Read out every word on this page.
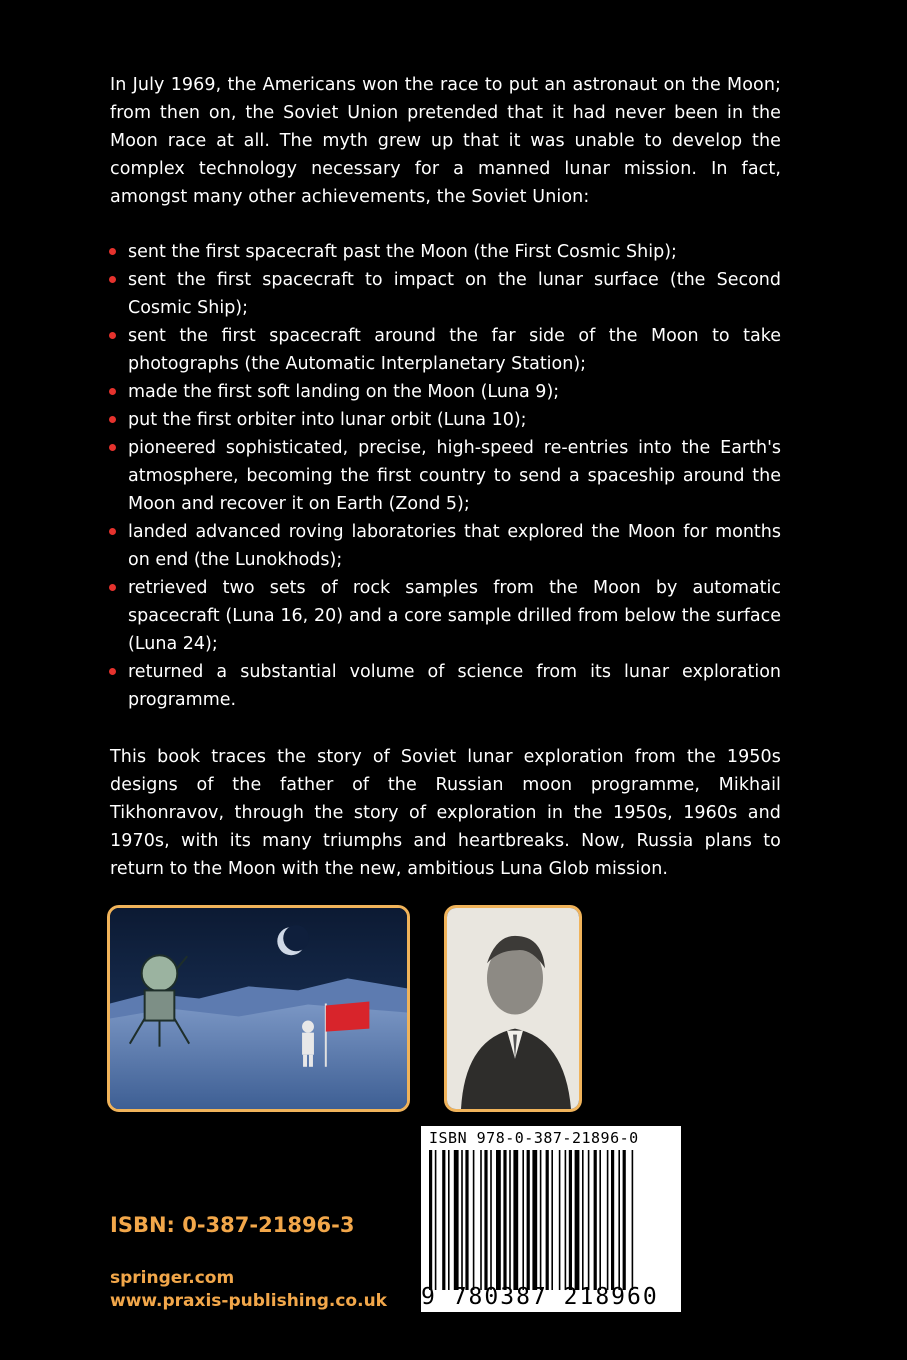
In July 1969, the Americans won the race to put an astronaut on the Moon; from then on, the Soviet Union pretended that it had never been in the Moon race at all. The myth grew up that it was unable to develop the complex technology necessary for a manned lunar mission. In fact, amongst many other achievements, the Soviet Union:
sent the first spacecraft past the Moon (the First Cosmic Ship);
sent the first spacecraft to impact on the lunar surface (the Second Cosmic Ship);
sent the first spacecraft around the far side of the Moon to take photographs (the Automatic Interplanetary Station);
made the first soft landing on the Moon (Luna 9);
put the first orbiter into lunar orbit (Luna 10);
pioneered sophisticated, precise, high-speed re-entries into the Earth's atmosphere, becoming the first country to send a spaceship around the Moon and recover it on Earth (Zond 5);
landed advanced roving laboratories that explored the Moon for months on end (the Lunokhods);
retrieved two sets of rock samples from the Moon by automatic spacecraft (Luna 16, 20) and a core sample drilled from below the surface (Luna 24);
returned a substantial volume of science from its lunar exploration programme.
This book traces the story of Soviet lunar exploration from the 1950s designs of the father of the Russian moon programme, Mikhail Tikhonravov, through the story of exploration in the 1950s, 1960s and 1970s, with its many triumphs and heartbreaks. Now, Russia plans to return to the Moon with the new, ambitious Luna Glob mission.
ISBN: 0-387-21896-3
springer.com
www.praxis-publishing.co.uk
ISBN 978-0-387-21896-0
9 780387 218960
